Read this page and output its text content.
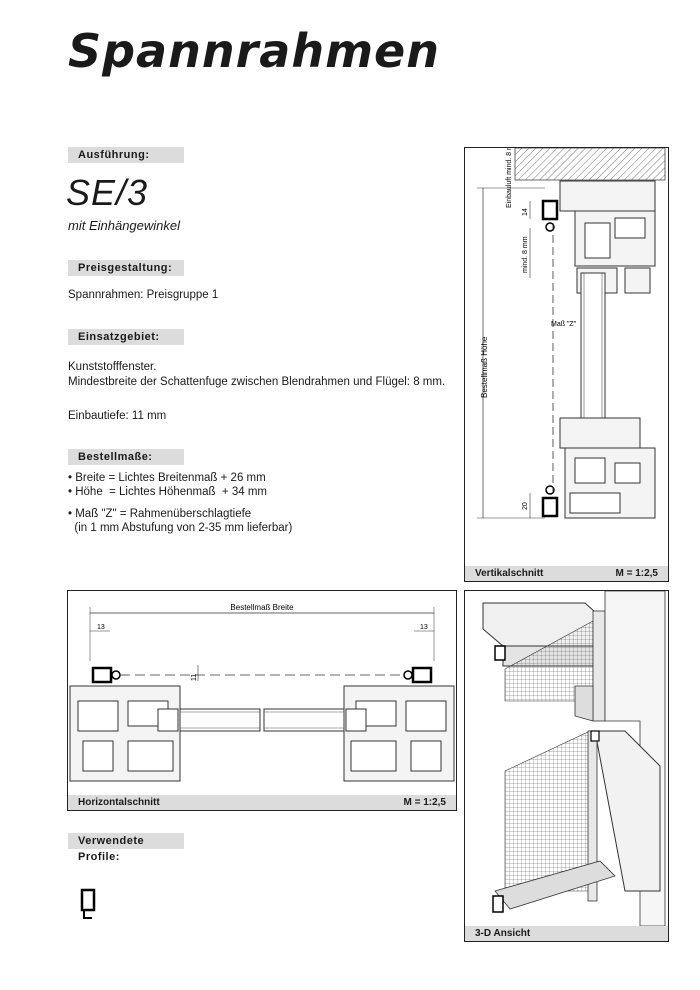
Spannrahmen
Ausführung:
SE/3
mit Einhängewinkel
Preisgestaltung:
Spannrahmen: Preisgruppe 1
Einsatzgebiet:
Kunststofffenster.
Mindestbreite der Schattenfuge zwischen Blendrahmen und Flügel: 8 mm.
Einbautiefe: 11 mm
Bestellmaße:
• Breite = Lichtes Breitenmaß + 26 mm
• Höhe  = Lichtes Höhenmaß  + 34 mm
• Maß "Z" = Rahmenüberschlagtiefe
(in 1 mm Abstufung von 2-35 mm lieferbar)
Bestellmaß Höhe
Einbauluft mind. 8 mm
14
mind. 8 mm
Maß "Z"
20
Vertikalschnitt	M = 1:2,5
Bestellmaß Breite
13	13
11
Horizontalschnitt	M = 1:2,5
3-D Ansicht
Verwendete Profile:
